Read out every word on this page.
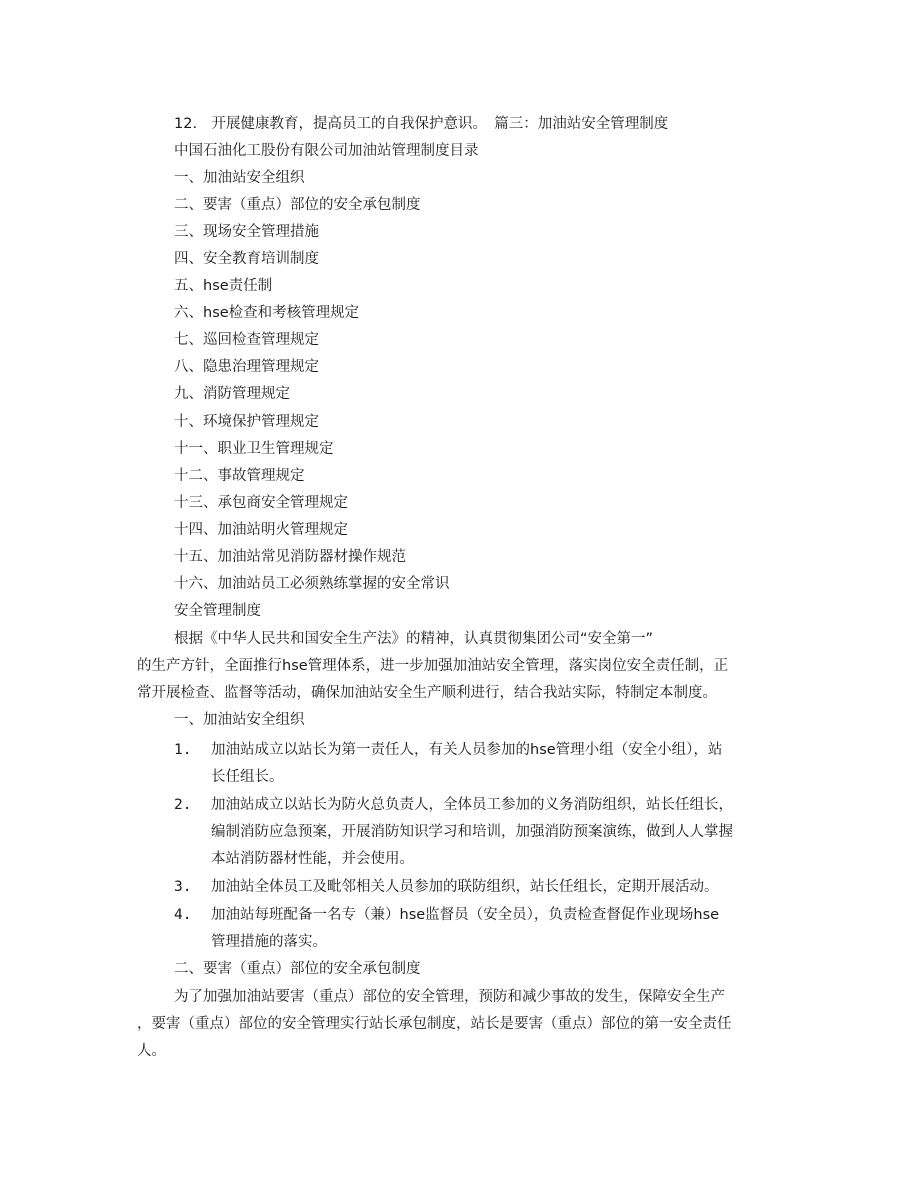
12.　开展健康教育，提高员工的自我保护意识。　篇三：加油站安全管理制度
中国石油化工股份有限公司加油站管理制度目录
一、加油站安全组织
二、要害（重点）部位的安全承包制度
三、现场安全管理措施
四、安全教育培训制度
五、hse责任制
六、hse检查和考核管理规定
七、巡回检查管理规定
八、隐患治理管理规定
九、消防管理规定
十、环境保护管理规定
十一、职业卫生管理规定
十二、事故管理规定
十三、承包商安全管理规定
十四、加油站明火管理规定
十五、加油站常见消防器材操作规范
十六、加油站员工必须熟练掌握的安全常识
安全管理制度
根据《中华人民共和国安全生产法》的精神，认真贯彻集团公司“安全第一”
的生产方针，全面推行hse管理体系，进一步加强加油站安全管理，落实岗位安全责任制，正
常开展检查、监督等活动，确保加油站安全生产顺利进行，结合我站实际，特制定本制度。
一、加油站安全组织
1. 加油站成立以站长为第一责任人，有关人员参加的hse管理小组（安全小组），站
长任组长。
2. 加油站成立以站长为防火总负责人，全体员工参加的义务消防组织，站长任组长，
编制消防应急预案，开展消防知识学习和培训，加强消防预案演练，做到人人掌握
本站消防器材性能，并会使用。
3. 加油站全体员工及毗邻相关人员参加的联防组织，站长任组长，定期开展活动。
4. 加油站每班配备一名专（兼）hse监督员（安全员），负责检查督促作业现场hse
管理措施的落实。
二、要害（重点）部位的安全承包制度
为了加强加油站要害（重点）部位的安全管理，预防和减少事故的发生，保障安全生产
，要害（重点）部位的安全管理实行站长承包制度，站长是要害（重点）部位的第一安全责任
人。
